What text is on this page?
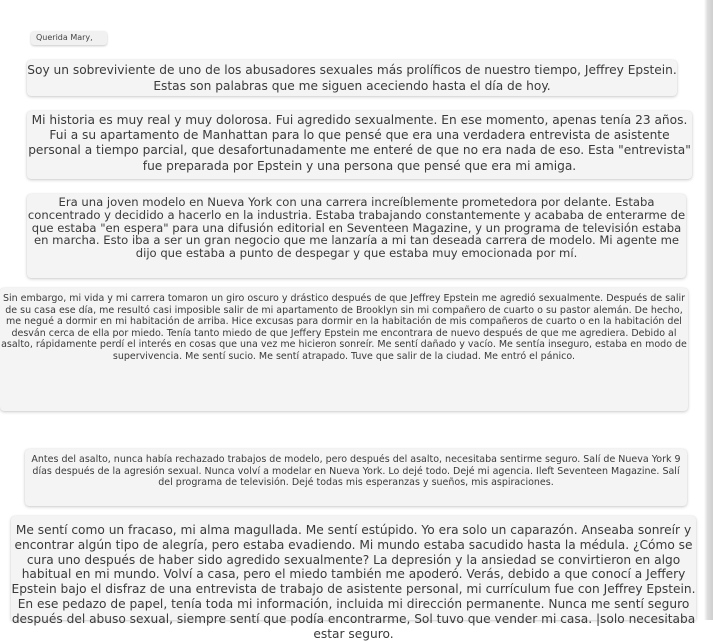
Querida Mary,
Soy un sobreviviente de uno de los abusadores sexuales más prolíficos de nuestro tiempo, Jeffrey Epstein. Estas son palabras que me siguen aceciendo hasta el día de hoy.
Mi historia es muy real y muy dolorosa. Fui agredido sexualmente. En ese momento, apenas tenía 23 años. Fui a su apartamento de Manhattan para lo que pensé que era una verdadera entrevista de asistente personal a tiempo parcial, que desafortunadamente me enteré de que no era nada de eso. Esta "entrevista" fue preparada por Epstein y una persona que pensé que era mi amiga.
Era una joven modelo en Nueva York con una carrera increíblemente prometedora por delante. Estaba concentrado y decidido a hacerlo en la industria. Estaba trabajando constantemente y acababa de enterarme de que estaba "en espera" para una difusión editorial en Seventeen Magazine, y un programa de televisión estaba en marcha. Esto iba a ser un gran negocio que me lanzaría a mi tan deseada carrera de modelo. Mi agente me dijo que estaba a punto de despegar y que estaba muy emocionada por mí.
Sin embargo, mi vida y mi carrera tomaron un giro oscuro y drástico después de que Jeffrey Epstein me agredió sexualmente. Después de salir de su casa ese día, me resultó casi imposible salir de mi apartamento de Brooklyn sin mi compañero de cuarto o su pastor alemán. De hecho, me negué a dormir en mi habitación de arriba. Hice excusas para dormir en la habitación de mis compañeros de cuarto o en la habitación del desván cerca de ella por miedo. Tenía tanto miedo de que Jeffery Epstein me encontrara de nuevo después de que me agrediera. Debido al asalto, rápidamente perdí el interés en cosas que una vez me hicieron sonreír. Me sentí dañado y vacío. Me sentía inseguro, estaba en modo de supervivencia. Me sentí sucio. Me sentí atrapado. Tuve que salir de la ciudad. Me entró el pánico.
Antes del asalto, nunca había rechazado trabajos de modelo, pero después del asalto, necesitaba sentirme seguro. Salí de Nueva York 9 días después de la agresión sexual. Nunca volví a modelar en Nueva York. Lo dejé todo. Dejé mi agencia. Ileft Seventeen Magazine. Salí del programa de televisión. Dejé todas mis esperanzas y sueños, mis aspiraciones.
Me sentí como un fracaso, mi alma magullada. Me sentí estúpido. Yo era solo un caparazón. Anseaba sonreír y encontrar algún tipo de alegría, pero estaba evadiendo. Mi mundo estaba sacudido hasta la médula. ¿Cómo se cura uno después de haber sido agredido sexualmente? La depresión y la ansiedad se convirtieron en algo habitual en mi mundo. Volví a casa, pero el miedo también me apoderó. Verás, debido a que conocí a Jeffery Epstein bajo el disfraz de una entrevista de trabajo de asistente personal, mi currículum fue con Jeffrey Epstein. En ese pedazo de papel, tenía toda mi información, incluida mi dirección permanente. Nunca me sentí seguro después del abuso sexual, siempre sentí que podía encontrarme, Sol tuvo que vender mi casa. |solo necesitaba estar seguro.
